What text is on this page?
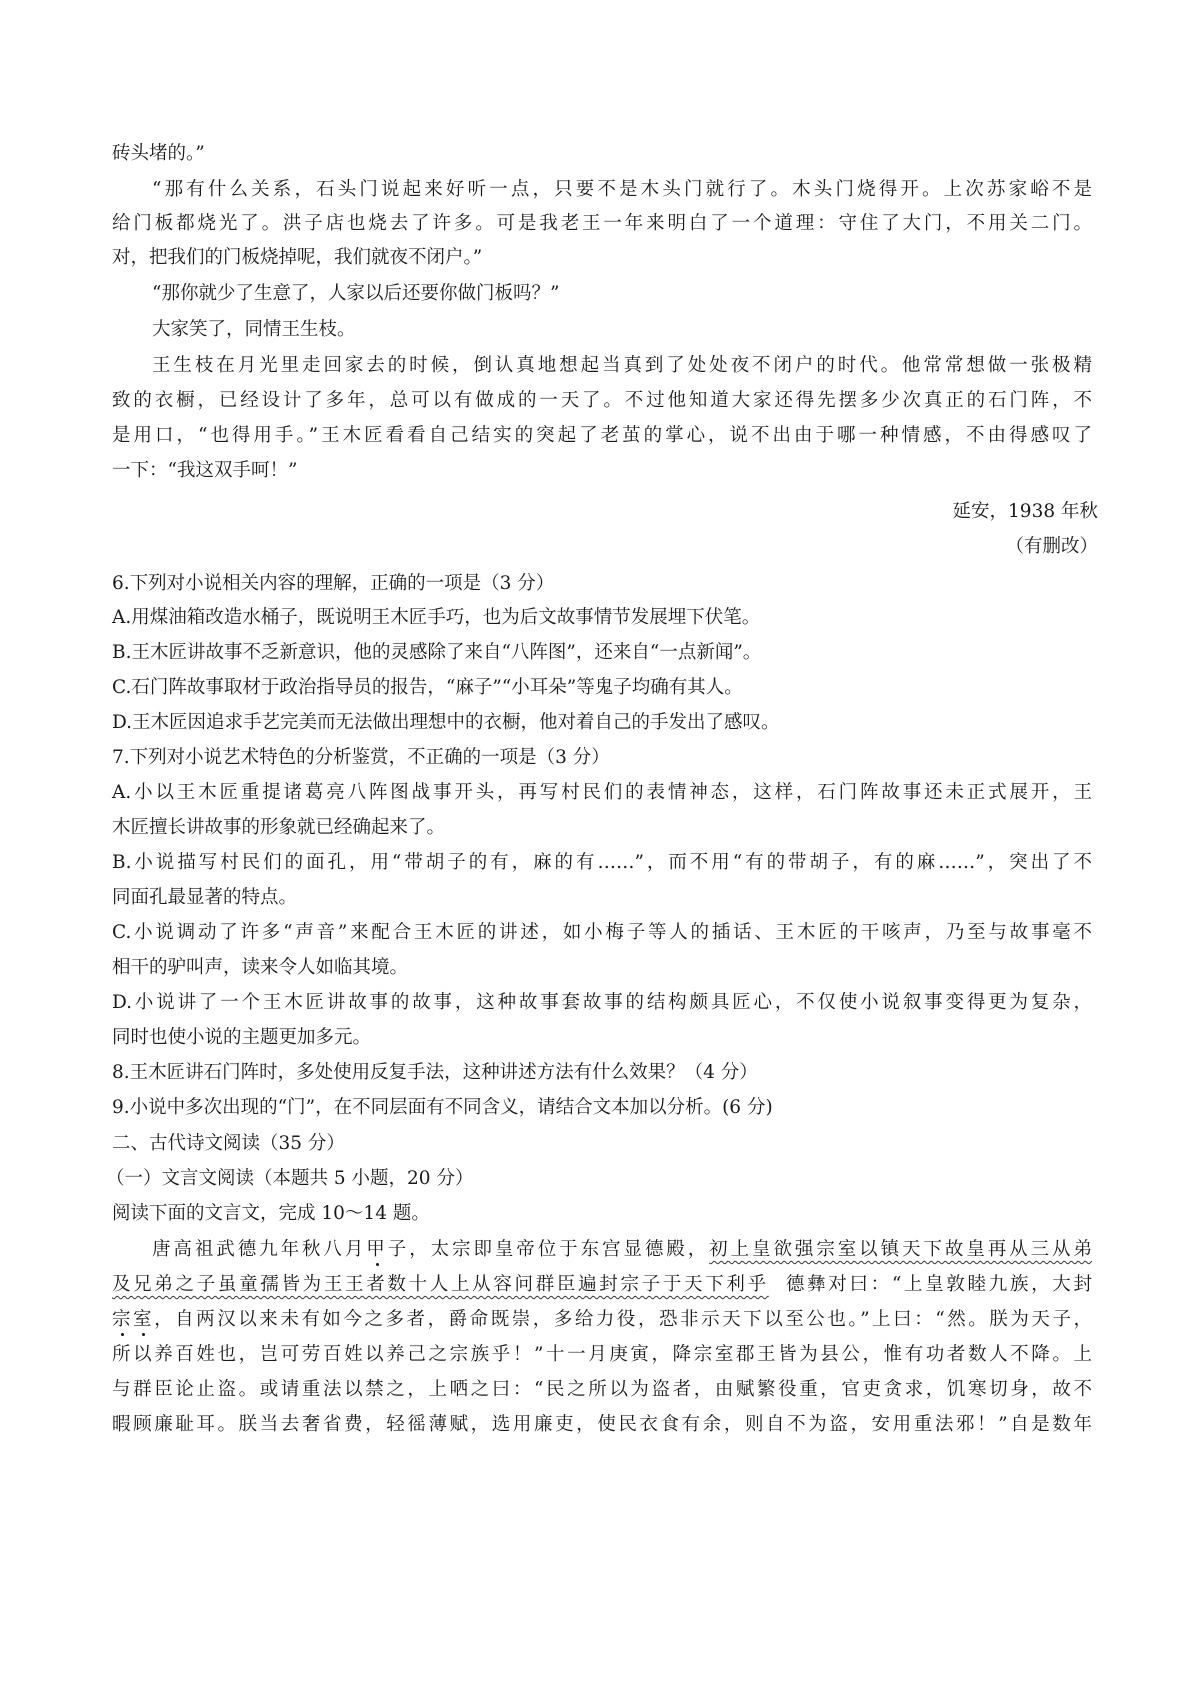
砖头堵的。”

“那有什么关系，石头门说起来好听一点，只要不是木头门就行了。木头门烧得开。上次苏家峪不是

给门板都烧光了。洪子店也烧去了许多。可是我老王一年来明白了一个道理：守住了大门，不用关二门。

对，把我们的门板烧掉呢，我们就夜不闭户。”

“那你就少了生意了，人家以后还要你做门板吗？”

大家笑了，同情王生枝。

王生枝在月光里走回家去的时候，倒认真地想起当真到了处处夜不闭户的时代。他常常想做一张极精

致的衣橱，已经设计了多年，总可以有做成的一天了。不过他知道大家还得先摆多少次真正的石门阵，不

是用口，“也得用手。”王木匠看看自己结实的突起了老茧的掌心，说不出由于哪一种情感，不由得感叹了

一下：“我这双手呵！”

延安，1938 年秋

（有删改）

6.下列对小说相关内容的理解，正确的一项是（3 分）

A.用煤油箱改造水桶子，既说明王木匠手巧，也为后文故事情节发展埋下伏笔。

B.王木匠讲故事不乏新意识，他的灵感除了来自“八阵图”，还来自“一点新闻”。

C.石门阵故事取材于政治指导员的报告，“麻子”“小耳朵”等鬼子均确有其人。

D.王木匠因追求手艺完美而无法做出理想中的衣橱，他对着自己的手发出了感叹。

7.下列对小说艺术特色的分析鉴赏，不正确的一项是（3 分）

A.小以王木匠重提诸葛亮八阵图战事开头，再写村民们的表情神态，这样，石门阵故事还未正式展开，王

木匠擅长讲故事的形象就已经确起来了。

B.小说描写村民们的面孔，用“带胡子的有，麻的有……”，而不用“有的带胡子，有的麻……”，突出了不

同面孔最显著的特点。

C.小说调动了许多“声音”来配合王木匠的讲述，如小梅子等人的插话、王木匠的干咳声，乃至与故事毫不

相干的驴叫声，读来令人如临其境。

D.小说讲了一个王木匠讲故事的故事，这种故事套故事的结构颇具匠心，不仅使小说叙事变得更为复杂，

同时也使小说的主题更加多元。

8.王木匠讲石门阵时，多处使用反复手法，这种讲述方法有什么效果？（4 分）

9.小说中多次出现的“门”，在不同层面有不同含义，请结合文本加以分析。(6 分)

二、古代诗文阅读（35 分）

（一）文言文阅读（本题共 5 小题，20 分）

阅读下面的文言文，完成 10～14 题。

唐高祖武德九年秋八月甲子，太宗即皇帝位于东宫显德殿，初上皇欲强宗室以镇天下故皇再从三从弟

及兄弟之子虽童孺皆为王王者数十人上从容问群臣遍封宗子于天下利乎 德彝对曰：“上皇敦睦九族，大封

宗室，自两汉以来未有如今之多者，爵命既崇，多给力役，恐非示天下以至公也。”上曰：“然。朕为天子，

所以养百姓也，岂可劳百姓以养己之宗族乎！”十一月庚寅，降宗室郡王皆为县公，惟有功者数人不降。上

与群臣论止盗。或请重法以禁之，上哂之曰：“民之所以为盗者，由赋繁役重，官吏贪求，饥寒切身，故不

暇顾廉耻耳。朕当去奢省费，轻徭薄赋，选用廉吏，使民衣食有余，则自不为盗，安用重法邪！”自是数年
